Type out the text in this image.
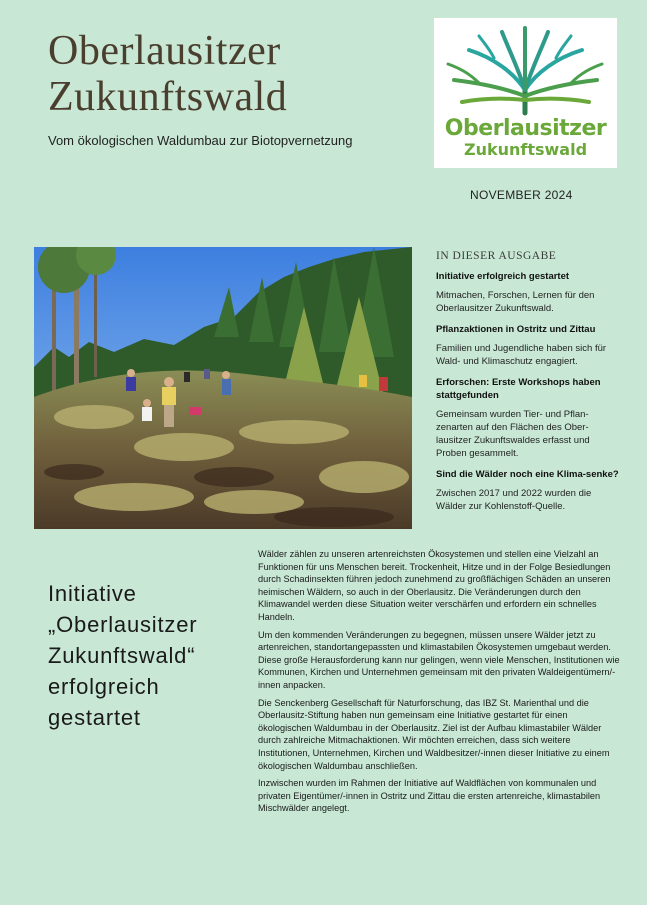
Oberlausitzer
Zukunftswald
Vom ökologischen Waldumbau zur Biotopvernetzung	Oberlausitzer
Zukunftswald
NOVEMBER 2024
IN DIESER AUSGABE
Initiative erfolgreich gestartet
Mitmachen, Forschen, Lernen für den Oberlausitzer Zukunftswald.
Pflanzaktionen in Ostritz und Zittau
Familien und Jugendliche haben sich für Wald- und Klimaschutz engagiert.
Erforschen: Erste Workshops haben stattgefunden
Gemeinsam wurden Tier- und Pflan-zenarten auf den Flächen des Ober-lausitzer Zukunftswaldes erfasst und Proben gesammelt.
Sind die Wälder noch eine Klima-senke?
Zwischen 2017 und 2022 wurden die Wälder zur Kohlenstoff-Quelle.
Initiative „Oberlausitzer Zukunftswald“ erfolgreich gestartet

Wälder zählen zu unseren artenreichsten Ökosystemen und stellen eine Vielzahl an Funktionen für uns Menschen bereit. Trockenheit, Hitze und in der Folge Besiedlungen durch Schadinsekten führen jedoch zunehmend zu großflächigen Schäden an unseren heimischen Wäldern, so auch in der Oberlausitz. Die Veränderungen durch den Klimawandel werden diese Situation weiter verschärfen und erfordern ein schnelles Handeln.

Um den kommenden Veränderungen zu begegnen, müssen unsere Wälder jetzt zu artenreichen, standortangepassten und klimastabilen Ökosystemen umgebaut werden. Diese große Herausforderung kann nur gelingen, wenn viele Menschen, Institutionen wie Kommunen, Kirchen und Unternehmen gemeinsam mit den privaten Waldeigentümern/-innen anpacken.

Die Senckenberg Gesellschaft für Naturforschung, das IBZ St. Marienthal und die Oberlausitz-Stiftung haben nun gemeinsam eine Initiative gestartet für einen ökologischen Waldumbau in der Oberlausitz. Ziel ist der Aufbau klimastabiler Wälder durch zahlreiche Mitmachaktionen. Wir möchten erreichen, dass sich weitere Institutionen, Unternehmen, Kirchen und Waldbesitzer/-innen dieser Initiative zu einem ökologischen Waldumbau anschließen.

Inzwischen wurden im Rahmen der Initiative auf Waldflächen von kommunalen und privaten Eigentümer/-innen in Ostritz und Zittau die ersten artenreiche, klimastabilen Mischwälder angelegt.
